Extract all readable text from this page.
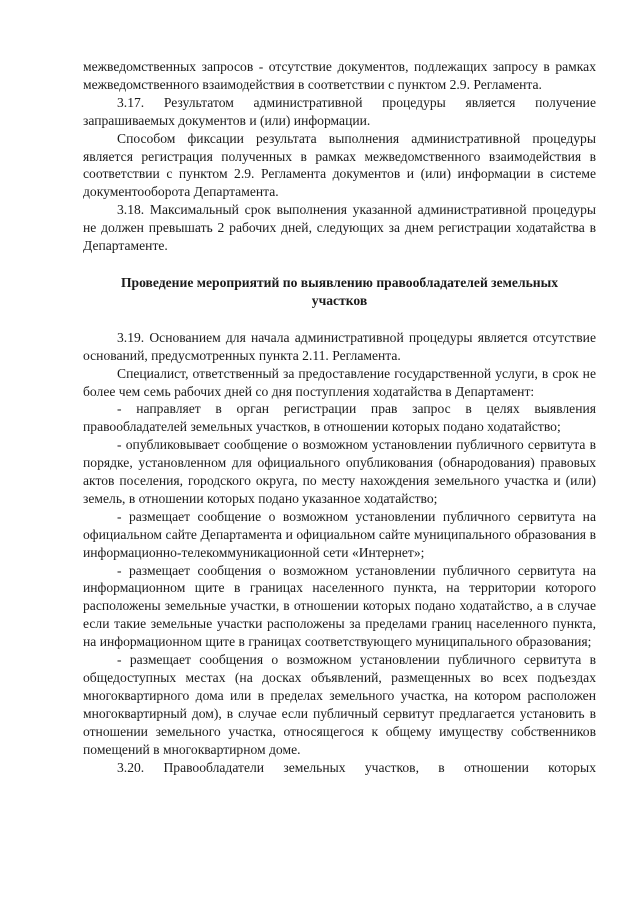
межведомственных запросов - отсутствие документов, подлежащих запросу в рамках межведомственного взаимодействия в соответствии с пунктом 2.9. Регламента.

3.17. Результатом административной процедуры является получение запрашиваемых документов и (или) информации.

Способом фиксации результата выполнения административной процедуры является регистрация полученных в рамках межведомственного взаимодействия в соответствии с пунктом 2.9. Регламента документов и (или) информации в системе документооборота Департамента.

3.18. Максимальный срок выполнения указанной административной процедуры не должен превышать 2 рабочих дней, следующих за днем регистрации ходатайства в Департаменте.

Проведение мероприятий по выявлению правообладателей земельных участков

3.19. Основанием для начала административной процедуры является отсутствие оснований, предусмотренных пункта 2.11. Регламента.

Специалист, ответственный за предоставление государственной услуги, в срок не более чем семь рабочих дней со дня поступления ходатайства в Департамент:

- направляет в орган регистрации прав запрос в целях выявления правообладателей земельных участков, в отношении которых подано ходатайство;

- опубликовывает сообщение о возможном установлении публичного сервитута в порядке, установленном для официального опубликования (обнародования) правовых актов поселения, городского округа, по месту нахождения земельного участка и (или) земель, в отношении которых подано указанное ходатайство;

- размещает сообщение о возможном установлении публичного сервитута на официальном сайте Департамента и официальном сайте муниципального образования в информационно-телекоммуникационной сети «Интернет»;

- размещает сообщения о возможном установлении публичного сервитута на информационном щите в границах населенного пункта, на территории которого расположены земельные участки, в отношении которых подано ходатайство, а в случае если такие земельные участки расположены за пределами границ населенного пункта, на информационном щите в границах соответствующего муниципального образования;

- размещает сообщения о возможном установлении публичного сервитута в общедоступных местах (на досках объявлений, размещенных во всех подъездах многоквартирного дома или в пределах земельного участка, на котором расположен многоквартирный дом), в случае если публичный сервитут предлагается установить в отношении земельного участка, относящегося к общему имуществу собственников помещений в многоквартирном доме.

3.20. Правообладатели земельных участков, в отношении которых
